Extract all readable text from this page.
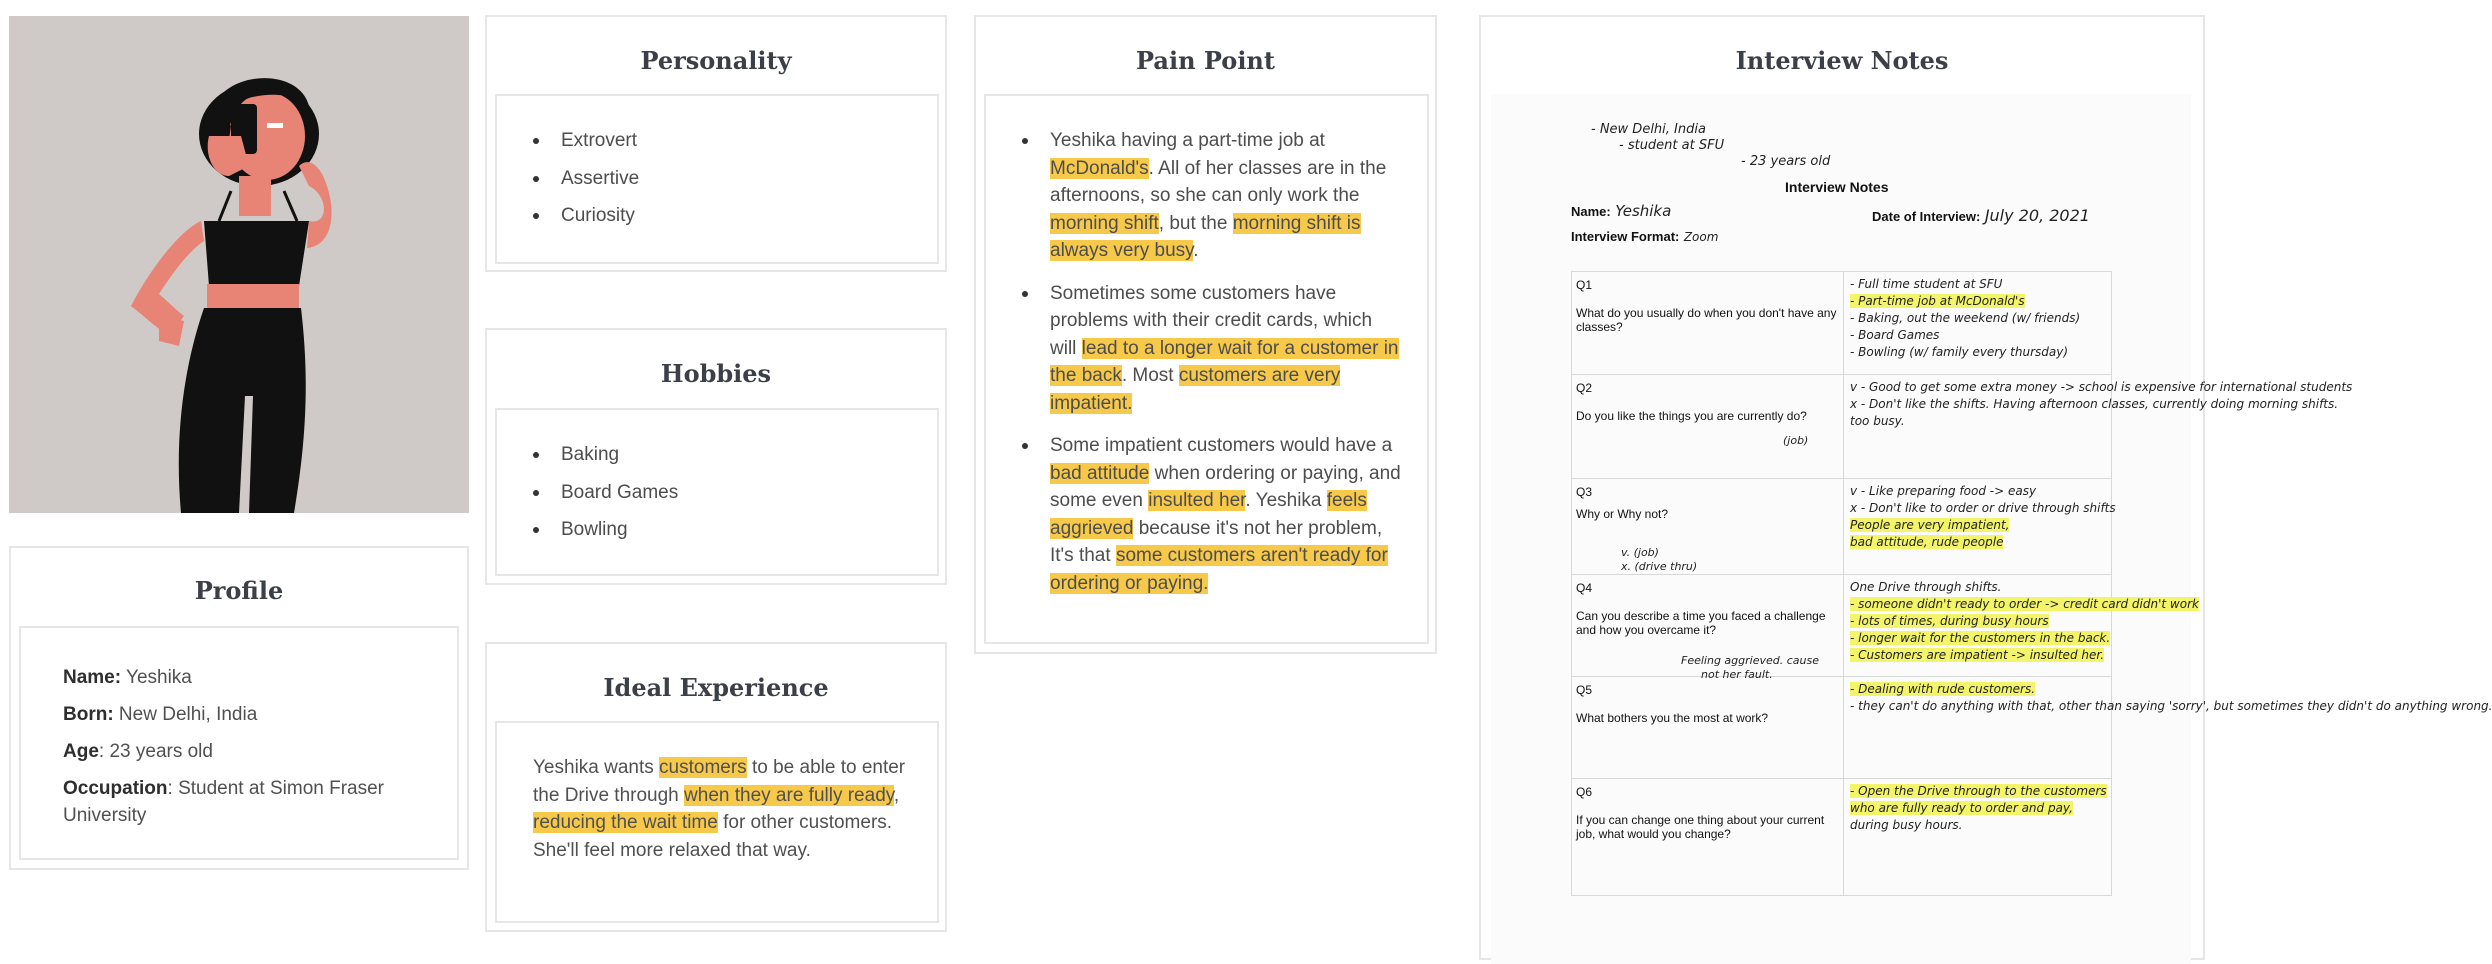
Profile
Name: Yeshika
Born: New Delhi, India
Age: 23 years old
Occupation: Student at Simon Fraser University
Personality
Extrovert
Assertive
Curiosity
Hobbies
Baking
Board Games
Bowling
Ideal Experience
Yeshika wants customers to be able to enter the Drive through when they are fully ready, reducing the wait time for other customers. She'll feel more relaxed that way.
Pain Point
Yeshika having a part-time job at McDonald's. All of her classes are in the afternoons, so she can only work the morning shift, but the morning shift is always very busy.
Sometimes some customers have problems with their credit cards, which will lead to a longer wait for a customer in the back. Most customers are very impatient.
Some impatient customers would have a bad attitude when ordering or paying, and some even insulted her. Yeshika feels aggrieved because it's not her problem, It's that some customers aren't ready for ordering or paying.
Interview Notes
- New Delhi, India
- student at SFU
- 23 years old
Interview Notes
Name: Yeshika	Date of Interview: July 20, 2021
Interview Format: Zoom
Q1
What do you usually do when you don't have any classes?
- Full time student at SFU
- Part-time job at McDonald's
- Baking, out the weekend (w/ friends)
- Board Games
- Bowling (w/ family every thursday)
Q2
Do you like the things you are currently do?
v - Good to get some extra money -> school is expensive for international students
x - Don't like the shifts. Having afternoon classes, currently doing morning shifts.
too busy.
Q3
Why or Why not?
v - Like preparing food -> easy
x - Don't like to order or drive through shifts
People are very impatient,
bad attitude, rude people
Q4
Can you describe a time you faced a challenge and how you overcame it?
One Drive through shifts.
- someone didn't ready to order -> credit card didn't work
- lots of times, during busy hours
- longer wait for the customers in the back.
- Customers are impatient -> insulted her.
Q5
What bothers you the most at work?
- Dealing with rude customers.
- they can't do anything with that, other than saying 'sorry', but sometimes they didn't do anything wrong.
Q6
If you can change one thing about your current job, what would you change?
- Open the Drive through to the customers
who are fully ready to order and pay,
during busy hours.
(job)
v. (job)
x. (drive thru)
Feeling aggrieved. cause
not her fault.
